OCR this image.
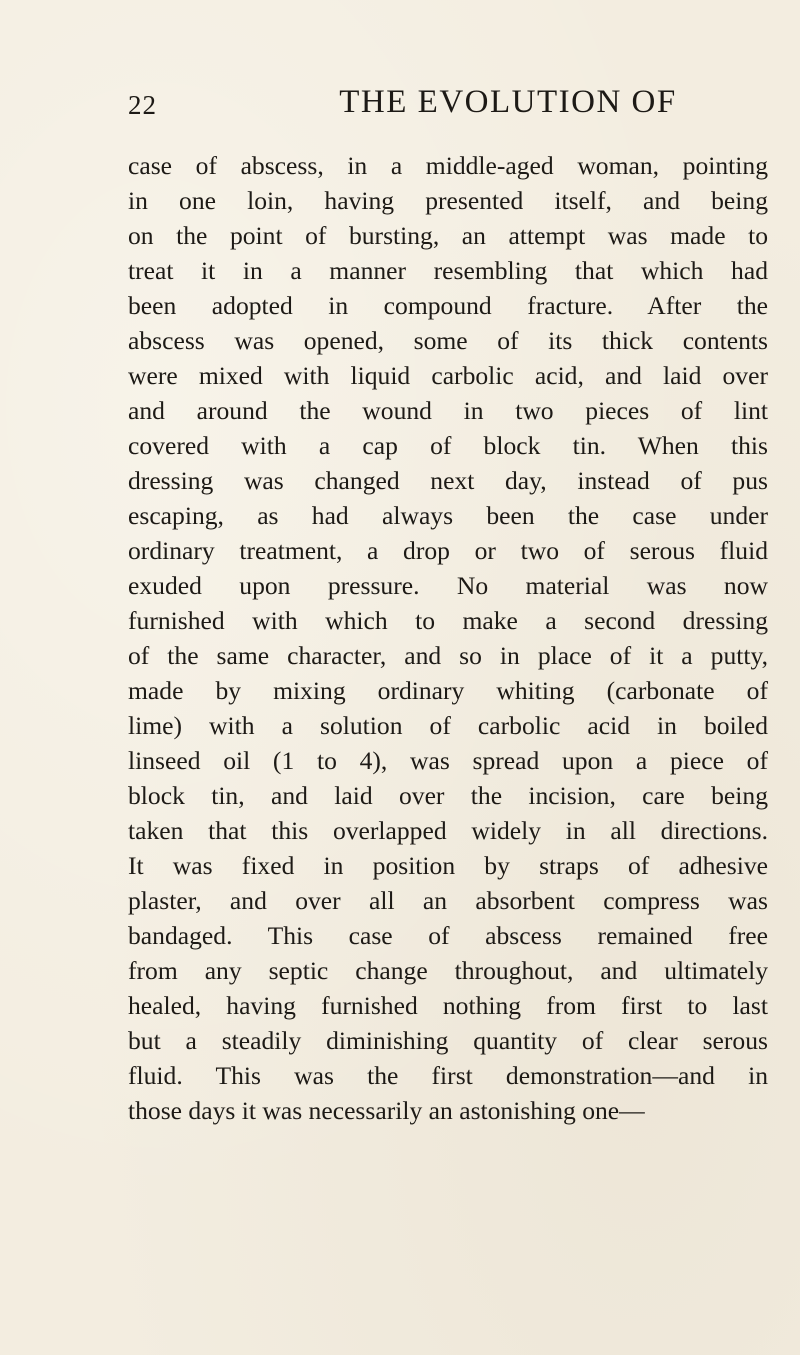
22	THE EVOLUTION OF
case of abscess, in a middle-aged woman, pointing
in one loin, having presented itself, and being
on the point of bursting, an attempt was made to
treat it in a manner resembling that which had
been adopted in compound fracture. After the
abscess was opened, some of its thick contents
were mixed with liquid carbolic acid, and laid over
and around the wound in two pieces of lint
covered with a cap of block tin. When this
dressing was changed next day, instead of pus
escaping, as had always been the case under
ordinary treatment, a drop or two of serous fluid
exuded upon pressure. No material was now
furnished with which to make a second dressing
of the same character, and so in place of it a putty,
made by mixing ordinary whiting (carbonate of
lime) with a solution of carbolic acid in boiled
linseed oil (1 to 4), was spread upon a piece of
block tin, and laid over the incision, care being
taken that this overlapped widely in all directions.
It was fixed in position by straps of adhesive
plaster, and over all an absorbent compress was
bandaged. This case of abscess remained free
from any septic change throughout, and ultimately
healed, having furnished nothing from first to last
but a steadily diminishing quantity of clear serous
fluid. This was the first demonstration—and in
those days it was necessarily an astonishing one—
